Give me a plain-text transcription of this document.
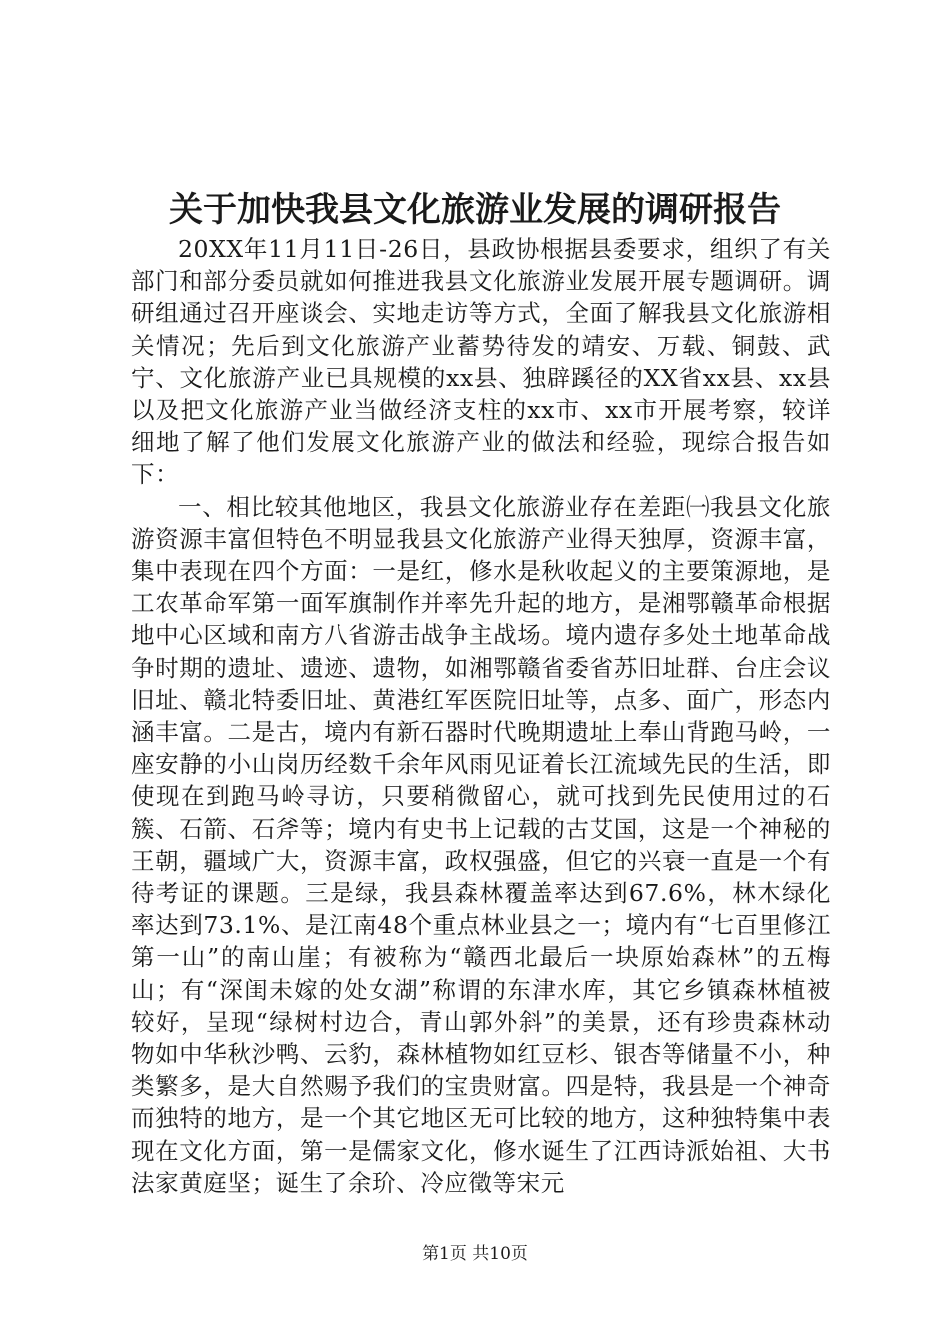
关于加快我县文化旅游业发展的调研报告

20XX年11月11日-26日，县政协根据县委要求，组织了有关部门和部分委员就如何推进我县文化旅游业发展开展专题调研。调研组通过召开座谈会、实地走访等方式，全面了解我县文化旅游相关情况；先后到文化旅游产业蓄势待发的靖安、万载、铜鼓、武宁、文化旅游产业已具规模的xx县、独辟蹊径的XX省xx县、xx县以及把文化旅游产业当做经济支柱的xx市、xx市开展考察，较详细地了解了他们发展文化旅游产业的做法和经验，现综合报告如下：

一、相比较其他地区，我县文化旅游业存在差距㈠我县文化旅游资源丰富但特色不明显我县文化旅游产业得天独厚，资源丰富，集中表现在四个方面：一是红，修水是秋收起义的主要策源地，是工农革命军第一面军旗制作并率先升起的地方，是湘鄂赣革命根据地中心区域和南方八省游击战争主战场。境内遗存多处土地革命战争时期的遗址、遗迹、遗物，如湘鄂赣省委省苏旧址群、台庄会议旧址、赣北特委旧址、黄港红军医院旧址等，点多、面广，形态内涵丰富。二是古，境内有新石器时代晚期遗址上奉山背跑马岭，一座安静的小山岗历经数千余年风雨见证着长江流域先民的生活，即使现在到跑马岭寻访，只要稍微留心，就可找到先民使用过的石簇、石箭、石斧等；境内有史书上记载的古艾国，这是一个神秘的王朝，疆域广大，资源丰富，政权强盛，但它的兴衰一直是一个有待考证的课题。三是绿，我县森林覆盖率达到67.6%，林木绿化率达到73.1%、是江南48个重点林业县之一；境内有“七百里修江第一山”的南山崖；有被称为“赣西北最后一块原始森林”的五梅山；有“深闺未嫁的处女湖”称谓的东津水库，其它乡镇森林植被较好，呈现“绿树村边合，青山郭外斜”的美景，还有珍贵森林动物如中华秋沙鸭、云豹，森林植物如红豆杉、银杏等储量不小，种类繁多，是大自然赐予我们的宝贵财富。四是特，我县是一个神奇而独特的地方，是一个其它地区无可比较的地方，这种独特集中表现在文化方面，第一是儒家文化，修水诞生了江西诗派始祖、大书法家黄庭坚；诞生了余玠、冷应徵等宋元

第1页 共10页
